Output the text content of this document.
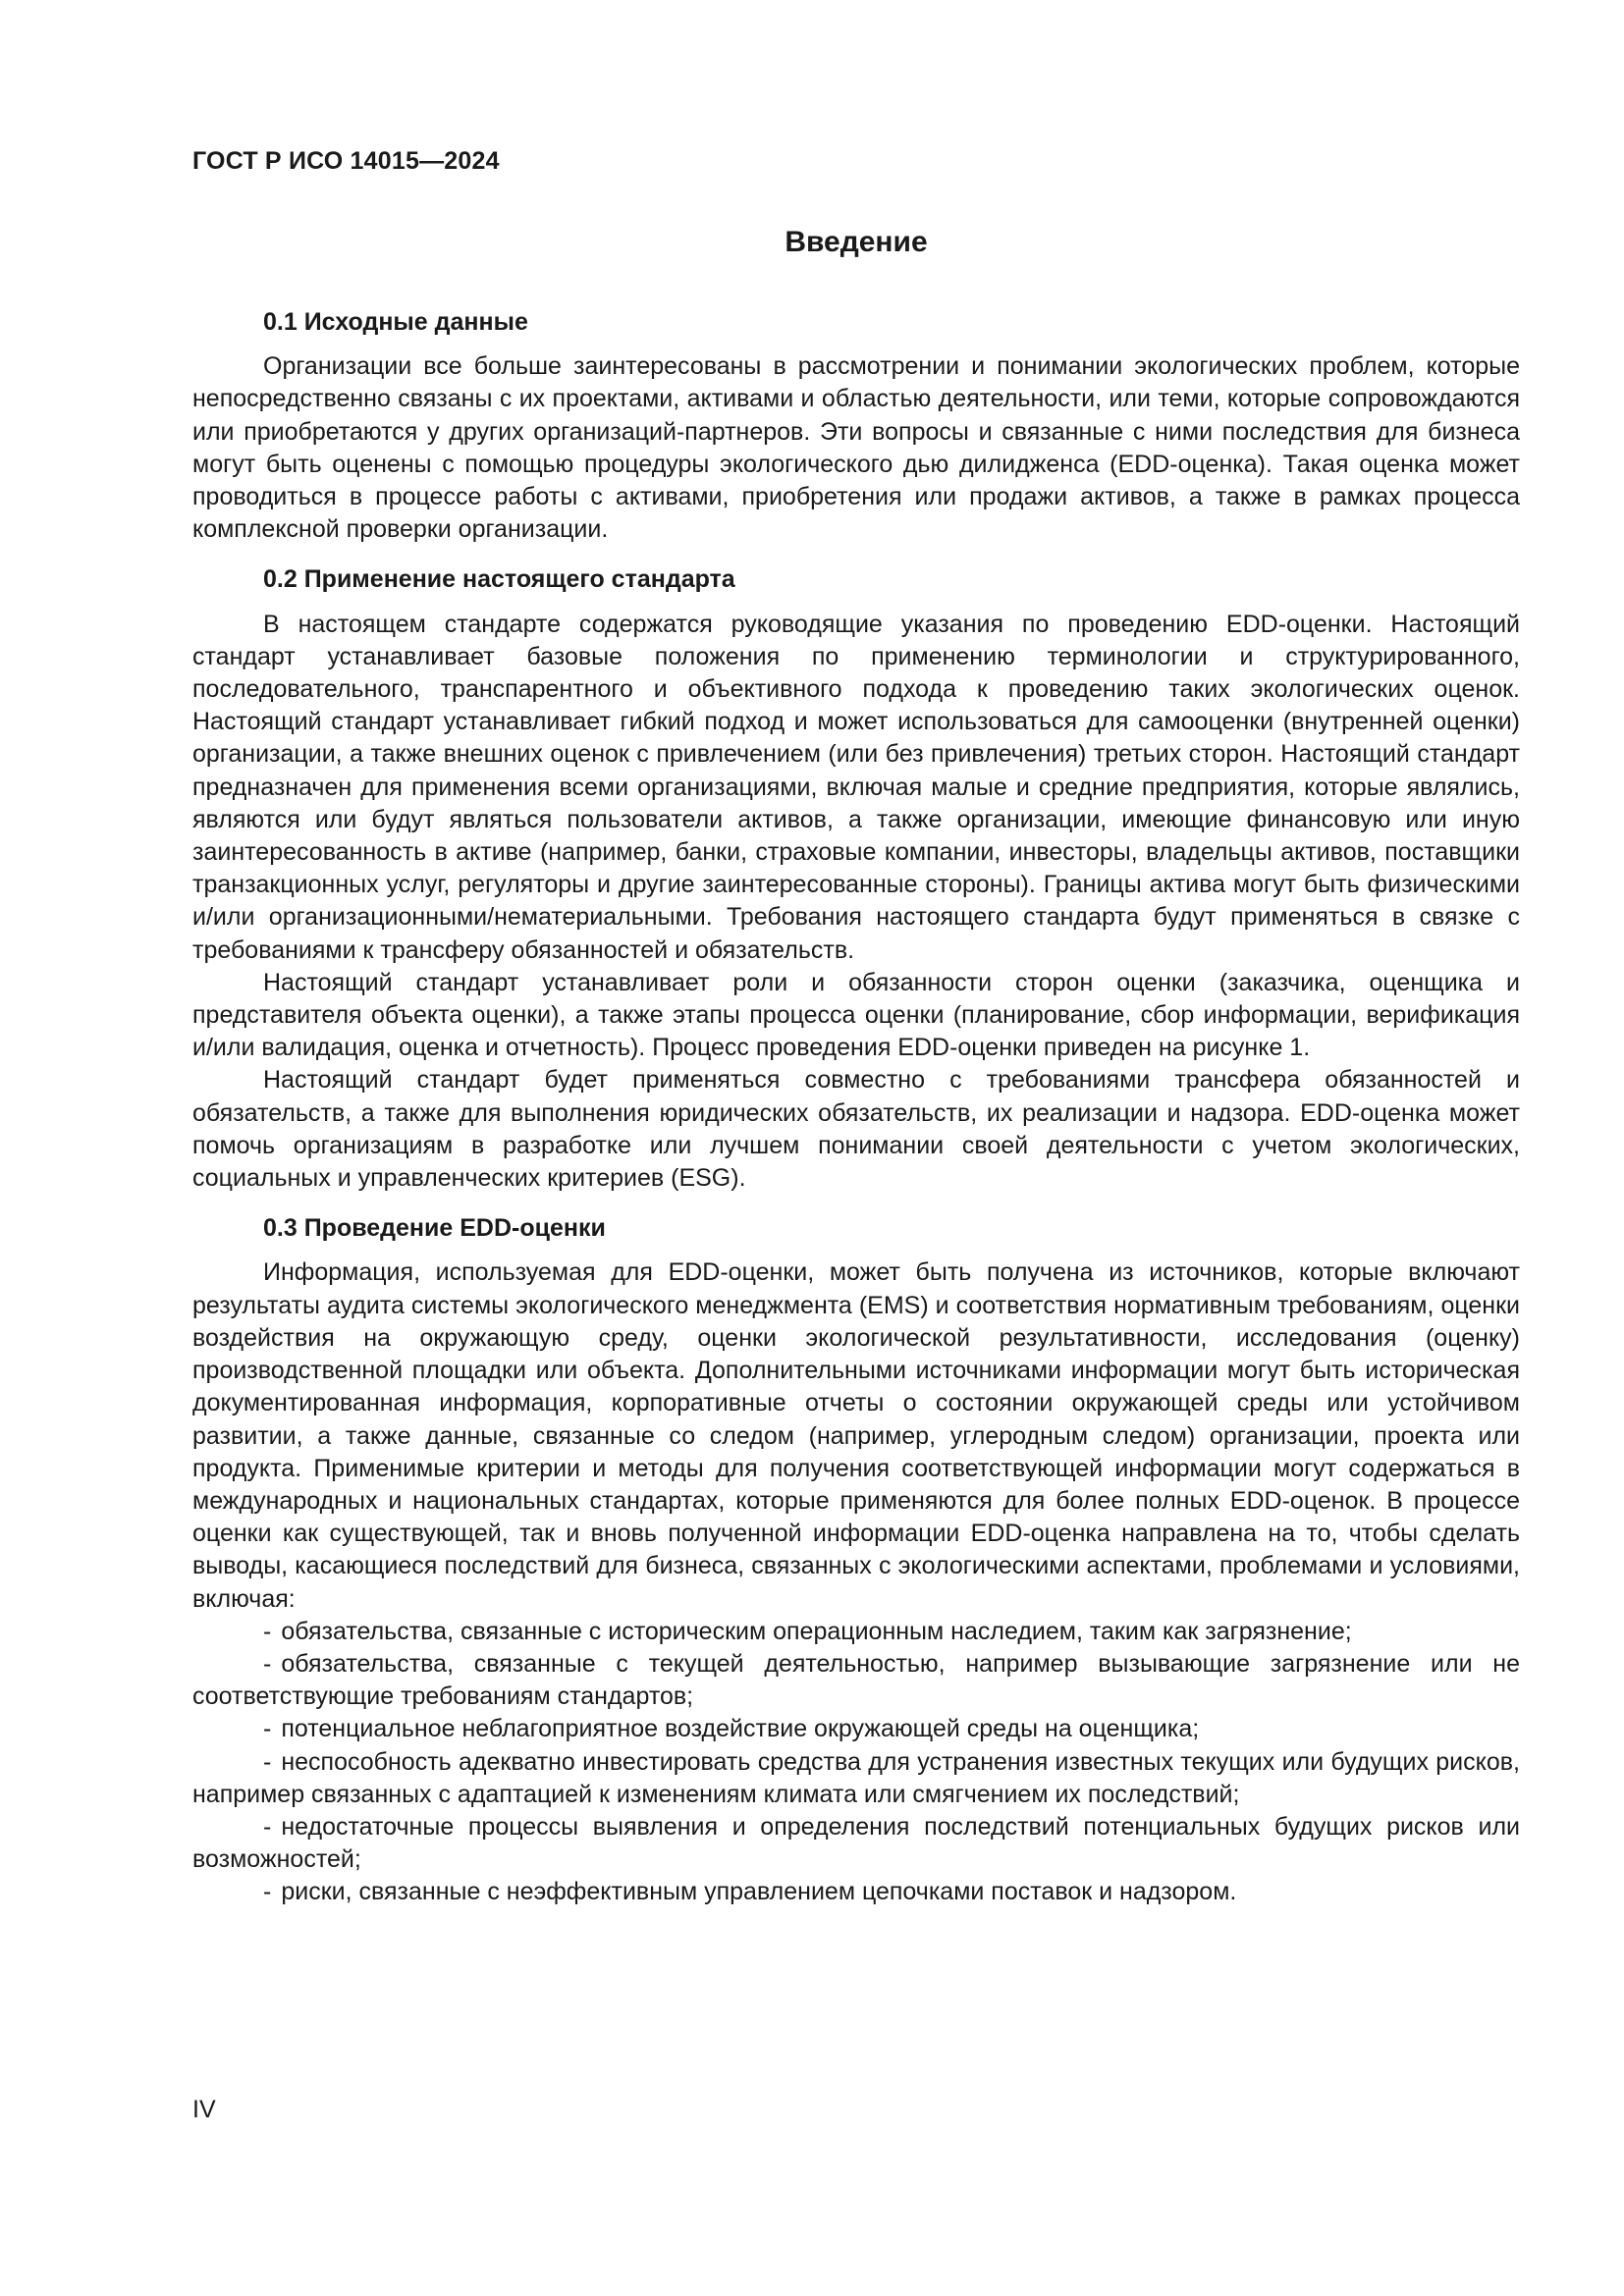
ГОСТ Р ИСО 14015—2024
Введение
0.1 Исходные данные

Организации все больше заинтересованы в рассмотрении и понимании экологических проблем, которые непосредственно связаны с их проектами, активами и областью деятельности, или теми, которые сопровождаются или приобретаются у других организаций-партнеров. Эти вопросы и связанные с ними последствия для бизнеса могут быть оценены с помощью процедуры экологического дью дилидженса (EDD-оценка). Такая оценка может проводиться в процессе работы с активами, приобретения или продажи активов, а также в рамках процесса комплексной проверки организации.

0.2 Применение настоящего стандарта

В настоящем стандарте содержатся руководящие указания по проведению EDD-оценки. Настоящий стандарт устанавливает базовые положения по применению терминологии и структурированного, последовательного, транспарентного и объективного подхода к проведению таких экологических оценок. Настоящий стандарт устанавливает гибкий подход и может использоваться для самооценки (внутренней оценки) организации, а также внешних оценок с привлечением (или без привлечения) третьих сторон. Настоящий стандарт предназначен для применения всеми организациями, включая малые и средние предприятия, которые являлись, являются или будут являться пользователи активов, а также организации, имеющие финансовую или иную заинтересованность в активе (например, банки, страховые компании, инвесторы, владельцы активов, поставщики транзакционных услуг, регуляторы и другие заинтересованные стороны). Границы актива могут быть физическими и/или организационными/нематериальными. Требования настоящего стандарта будут применяться в связке с требованиями к трансферу обязанностей и обязательств.

Настоящий стандарт устанавливает роли и обязанности сторон оценки (заказчика, оценщика и представителя объекта оценки), а также этапы процесса оценки (планирование, сбор информации, верификация и/или валидация, оценка и отчетность). Процесс проведения EDD-оценки приведен на рисунке 1.

Настоящий стандарт будет применяться совместно с требованиями трансфера обязанностей и обязательств, а также для выполнения юридических обязательств, их реализации и надзора. EDD-оценка может помочь организациям в разработке или лучшем понимании своей деятельности с учетом экологических, социальных и управленческих критериев (ESG).

0.3 Проведение EDD-оценки

Информация, используемая для EDD-оценки, может быть получена из источников, которые включают результаты аудита системы экологического менеджмента (EMS) и соответствия нормативным требованиям, оценки воздействия на окружающую среду, оценки экологической результативности, исследования (оценку) производственной площадки или объекта. Дополнительными источниками информации могут быть историческая документированная информация, корпоративные отчеты о состоянии окружающей среды или устойчивом развитии, а также данные, связанные со следом (например, углеродным следом) организации, проекта или продукта. Применимые критерии и методы для получения соответствующей информации могут содержаться в международных и национальных стандартах, которые применяются для более полных EDD-оценок. В процессе оценки как существующей, так и вновь полученной информации EDD-оценка направлена на то, чтобы сделать выводы, касающиеся последствий для бизнеса, связанных с экологическими аспектами, проблемами и условиями, включая:

- обязательства, связанные с историческим операционным наследием, таким как загрязнение;
- обязательства, связанные с текущей деятельностью, например вызывающие загрязнение или не соответствующие требованиям стандартов;
- потенциальное неблагоприятное воздействие окружающей среды на оценщика;
- неспособность адекватно инвестировать средства для устранения известных текущих или будущих рисков, например связанных с адаптацией к изменениям климата или смягчением их последствий;
- недостаточные процессы выявления и определения последствий потенциальных будущих рисков или возможностей;
- риски, связанные с неэффективным управлением цепочками поставок и надзором.
IV
